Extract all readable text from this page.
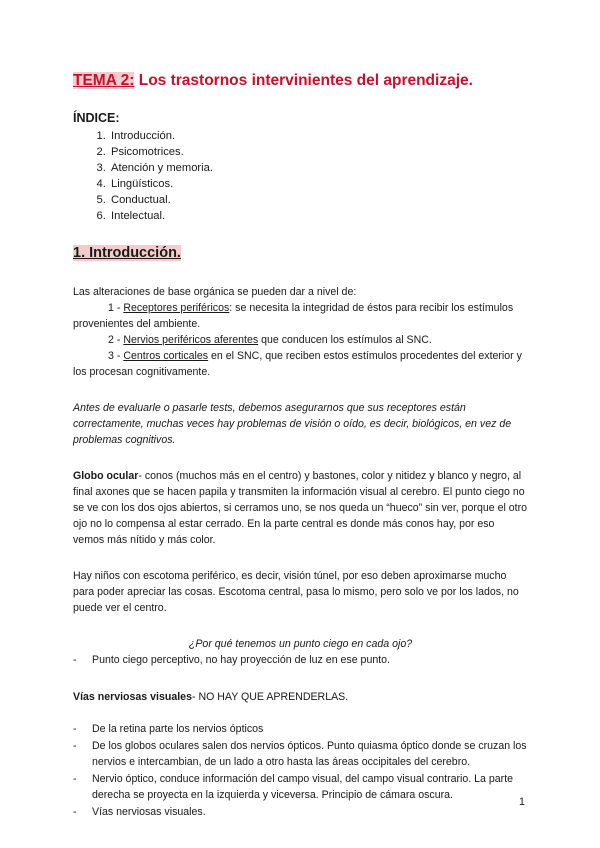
TEMA 2: Los trastornos intervinientes del aprendizaje.
ÍNDICE:
1. Introducción.
2. Psicomotrices.
3. Atención y memoria.
4. Lingüísticos.
5. Conductual.
6. Intelectual.
1. Introducción.

Las alteraciones de base orgánica se pueden dar a nivel de:

1 - Receptores periféricos: se necesita la integridad de éstos para recibir los estímulos provenientes del ambiente.

2 - Nervios periféricos aferentes que conducen los estímulos al SNC.

3 - Centros corticales en el SNC, que reciben estos estímulos procedentes del exterior y los procesan cognitivamente.

Antes de evaluarle o pasarle tests, debemos asegurarnos que sus receptores están correctamente, muchas veces hay problemas de visión o oído, es decir, biológicos, en vez de problemas cognitivos.

Globo ocular- conos (muchos más en el centro) y bastones, color y nitidez y blanco y negro, al final axones que se hacen papila y transmiten la información visual al cerebro. El punto ciego no se ve con los dos ojos abiertos, si cerramos uno, se nos queda un “hueco” sin ver, porque el otro ojo no lo compensa al estar cerrado. En la parte central es donde más conos hay, por eso vemos más nítido y más color.

Hay niños con escotoma periférico, es decir, visión túnel, por eso deben aproximarse mucho para poder apreciar las cosas. Escotoma central, pasa lo mismo, pero solo ve por los lados, no puede ver el centro.

¿Por qué tenemos un punto ciego en cada ojo?

- Punto ciego perceptivo, no hay proyección de luz en ese punto.

Vías nerviosas visuales- NO HAY QUE APRENDERLAS.

- De la retina parte los nervios ópticos
- De los globos oculares salen dos nervios ópticos. Punto quiasma óptico donde se cruzan los nervios e intercambian, de un lado a otro hasta las áreas occipitales del cerebro.
- Nervio óptico, conduce información del campo visual, del campo visual contrario. La parte derecha se proyecta en la izquierda y viceversa. Principio de cámara oscura.
- Vías nerviosas visuales.
1
